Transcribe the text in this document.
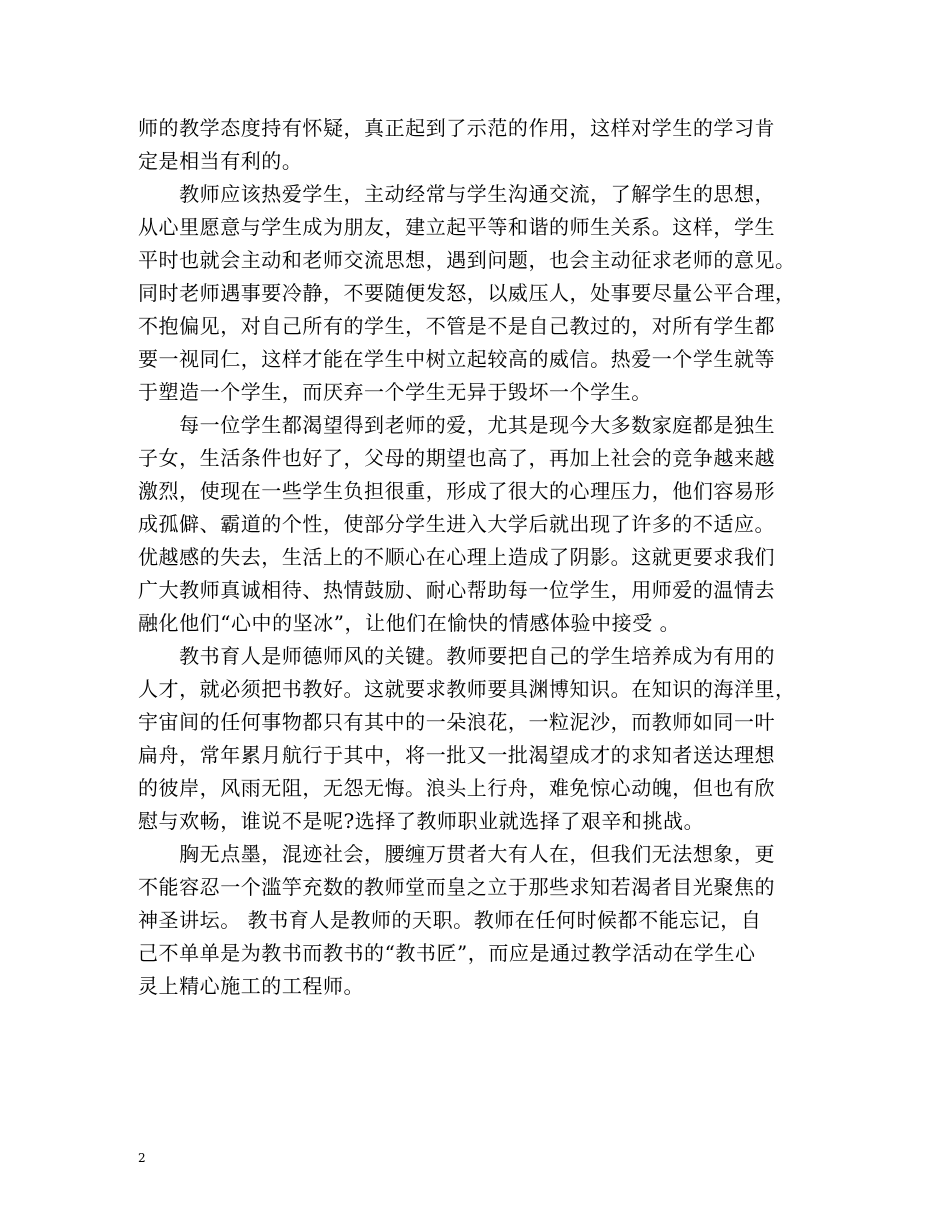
师的教学态度持有怀疑，真正起到了示范的作用，这样对学生的学习肯
定是相当有利的。
　　教师应该热爱学生，主动经常与学生沟通交流，了解学生的思想，
从心里愿意与学生成为朋友，建立起平等和谐的师生关系。这样，学生
平时也就会主动和老师交流思想，遇到问题，也会主动征求老师的意见。
同时老师遇事要冷静，不要随便发怒，以威压人，处事要尽量公平合理，
不抱偏见，对自己所有的学生，不管是不是自己教过的，对所有学生都
要一视同仁，这样才能在学生中树立起较高的威信。热爱一个学生就等
于塑造一个学生，而厌弃一个学生无异于毁坏一个学生。
　　每一位学生都渴望得到老师的爱，尤其是现今大多数家庭都是独生
子女，生活条件也好了，父母的期望也高了，再加上社会的竞争越来越
激烈，使现在一些学生负担很重，形成了很大的心理压力，他们容易形
成孤僻、霸道的个性，使部分学生进入大学后就出现了许多的不适应。
优越感的失去，生活上的不顺心在心理上造成了阴影。这就更要求我们
广大教师真诚相待、热情鼓励、耐心帮助每一位学生，用师爱的温情去
融化他们“心中的坚冰”，让他们在愉快的情感体验中接受 。
　　教书育人是师德师风的关键。教师要把自己的学生培养成为有用的
人才，就必须把书教好。这就要求教师要具渊博知识。在知识的海洋里，
宇宙间的任何事物都只有其中的一朵浪花，一粒泥沙，而教师如同一叶
扁舟，常年累月航行于其中，将一批又一批渴望成才的求知者送达理想
的彼岸，风雨无阻，无怨无悔。浪头上行舟，难免惊心动魄，但也有欣
慰与欢畅，谁说不是呢?选择了教师职业就选择了艰辛和挑战。
　　胸无点墨，混迹社会，腰缠万贯者大有人在，但我们无法想象，更
不能容忍一个滥竽充数的教师堂而皇之立于那些求知若渴者目光聚焦的
神圣讲坛。 教书育人是教师的天职。教师在任何时候都不能忘记，自
己不单单是为教书而教书的“教书匠”，而应是通过教学活动在学生心
灵上精心施工的工程师。
2
